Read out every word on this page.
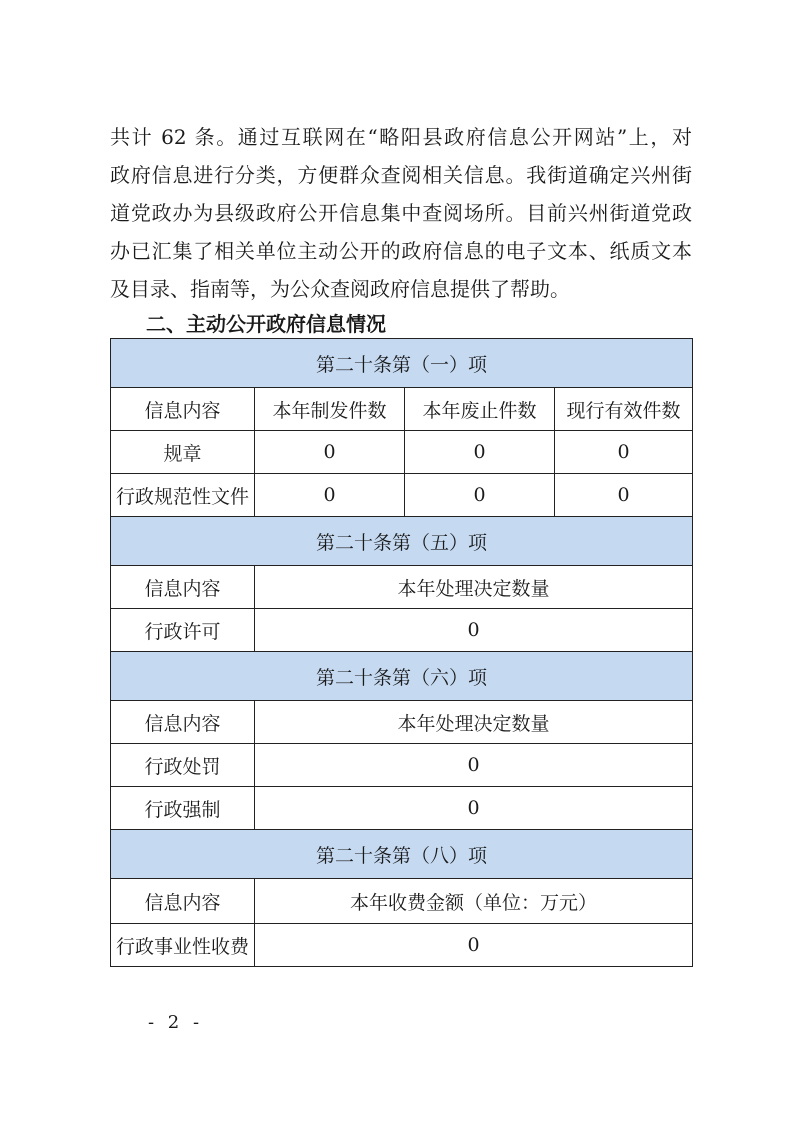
共计 62 条。通过互联网在“略阳县政府信息公开网站”上，对
政府信息进行分类，方便群众查阅相关信息。我街道确定兴州街
道党政办为县级政府公开信息集中查阅场所。目前兴州街道党政
办已汇集了相关单位主动公开的政府信息的电子文本、纸质文本
及目录、指南等，为公众查阅政府信息提供了帮助。
二、主动公开政府信息情况
第二十条第（一）项			
信息内容	本年制发件数	本年废止件数	现行有效件数
规章	0	0	0
行政规范性文件	0	0	0
第二十条第（五）项			
信息内容	本年处理决定数量		
行政许可	0		
第二十条第（六）项			
信息内容	本年处理决定数量		
行政处罚	0		
行政强制	0		
第二十条第（八）项			
信息内容	本年收费金额（单位：万元）		
行政事业性收费	0		
- 2 -
